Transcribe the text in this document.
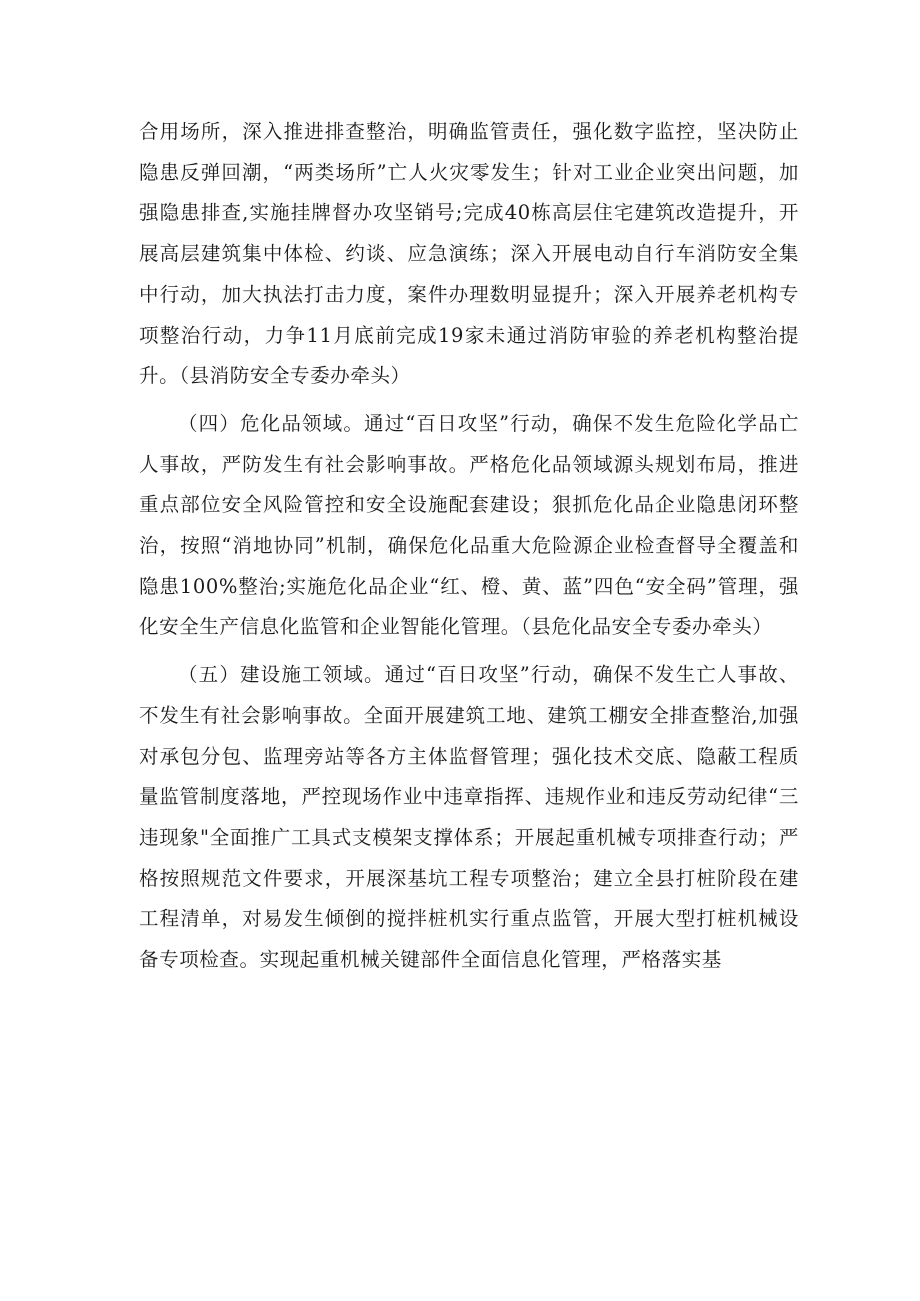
合用场所，深入推进排查整治，明确监管责任，强化数字监控，坚决防止隐患反弹回潮，“两类场所”亡人火灾零发生；针对工业企业突出问题，加强隐患排查,实施挂牌督办攻坚销号;完成40栋高层住宅建筑改造提升，开展高层建筑集中体检、约谈、应急演练；深入开展电动自行车消防安全集中行动，加大执法打击力度，案件办理数明显提升；深入开展养老机构专项整治行动，力争11月底前完成19家未通过消防审验的养老机构整治提升。（县消防安全专委办牵头）

（四）危化品领域。通过“百日攻坚”行动，确保不发生危险化学品亡人事故，严防发生有社会影响事故。严格危化品领域源头规划布局，推进重点部位安全风险管控和安全设施配套建设；狠抓危化品企业隐患闭环整治，按照“消地协同”机制，确保危化品重大危险源企业检查督导全覆盖和隐患100%整治;实施危化品企业“红、橙、黄、蓝”四色“安全码”管理，强化安全生产信息化监管和企业智能化管理。（县危化品安全专委办牵头）

（五）建设施工领域。通过“百日攻坚”行动，确保不发生亡人事故、不发生有社会影响事故。全面开展建筑工地、建筑工棚安全排查整治,加强对承包分包、监理旁站等各方主体监督管理；强化技术交底、隐蔽工程质量监管制度落地，严控现场作业中违章指挥、违规作业和违反劳动纪律“三违现象"全面推广工具式支模架支撑体系；开展起重机械专项排查行动；严格按照规范文件要求，开展深基坑工程专项整治；建立全县打桩阶段在建工程清单，对易发生倾倒的搅拌桩机实行重点监管，开展大型打桩机械设备专项检查。实现起重机械关键部件全面信息化管理，严格落实基
